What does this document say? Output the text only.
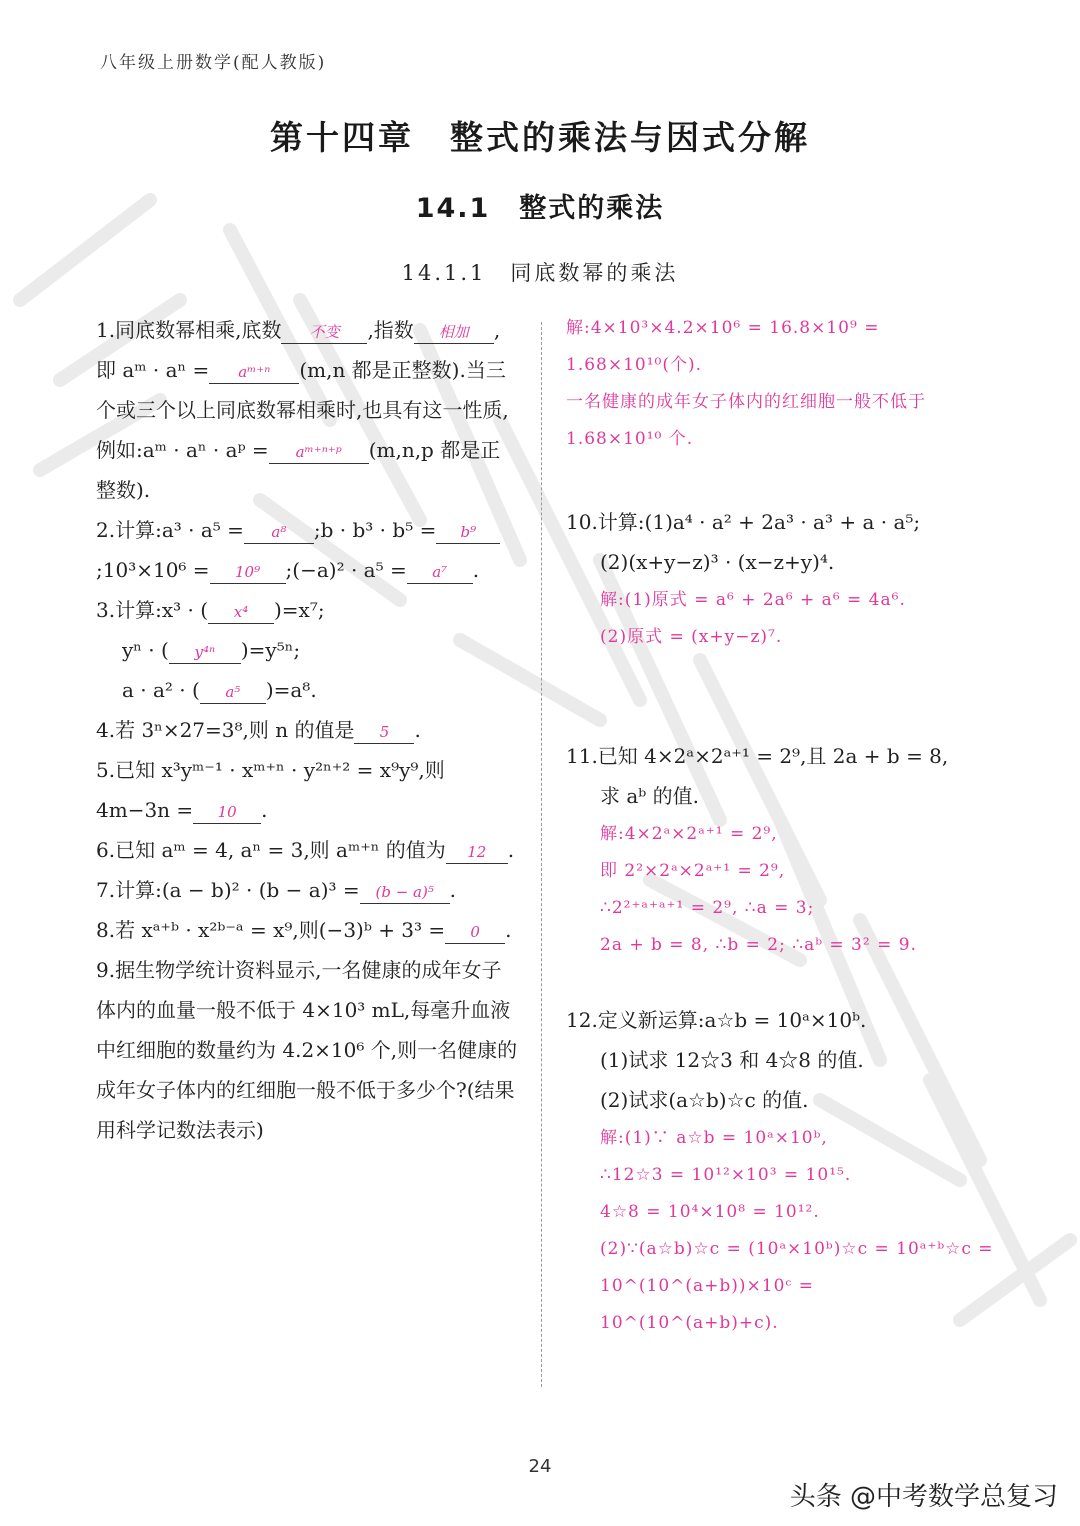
八年级上册数学(配人教版)
第十四章　整式的乘法与因式分解
14.1　整式的乘法
14.1.1　同底数幂的乘法

1.同底数幂相乘,底数 不变 ,指数 相加 ,即 aᵐ · aⁿ = aᵐ⁺ⁿ (m,n 都是正整数).当三个或三个以上同底数幂相乘时,也具有这一性质,例如:aᵐ · aⁿ · aᵖ = aᵐ⁺ⁿ⁺ᵖ (m,n,p 都是正整数).

2.计算:a³ · a⁵ = a⁸ ;b · b³ · b⁵ = b⁹;10³×10⁶ = 10⁹ ;(−a)² · a⁵ = a⁷ .

3.计算:x³ · ( x⁴ )=x⁷;

yⁿ · ( y⁴ⁿ )=y⁵ⁿ;

a · a² · ( a⁵ )=a⁸.

4.若 3ⁿ×27=3⁸,则 n 的值是 5 .

5.已知 x³yᵐ⁻¹ · xᵐ⁺ⁿ · y²ⁿ⁺² = x⁹y⁹,则 4m−3n = 10 .

6.已知 aᵐ = 4, aⁿ = 3,则 aᵐ⁺ⁿ 的值为 12 .

7.计算:(a − b)² · (b − a)³ = (b − a)⁵ .

8.若 xᵃ⁺ᵇ · x²ᵇ⁻ᵃ = x⁹,则(−3)ᵇ + 3³ = 0 .

9.据生物学统计资料显示,一名健康的成年女子体内的血量一般不低于 4×10³ mL,每毫升血液中红细胞的数量约为 4.2×10⁶ 个,则一名健康的成年女子体内的红细胞一般不低于多少个?(结果用科学记数法表示)

解:4×10³×4.2×10⁶ = 16.8×10⁹ = 1.68×10¹⁰(个).

一名健康的成年女子体内的红细胞一般不低于 1.68×10¹⁰ 个.

10.计算:(1)a⁴ · a² + 2a³ · a³ + a · a⁵;

(2)(x+y−z)³ · (x−z+y)⁴.

解:(1)原式 = a⁶ + 2a⁶ + a⁶ = 4a⁶.

(2)原式 = (x+y−z)⁷.

11.已知 4×2ᵃ×2ᵃ⁺¹ = 2⁹,且 2a + b = 8,

求 aᵇ 的值.

解:4×2ᵃ×2ᵃ⁺¹ = 2⁹,

即 2²×2ᵃ×2ᵃ⁺¹ = 2⁹,

∴2²⁺ᵃ⁺ᵃ⁺¹ = 2⁹, ∴a = 3;

2a + b = 8, ∴b = 2; ∴aᵇ = 3² = 9.

12.定义新运算:a☆b = 10ᵃ×10ᵇ.

(1)试求 12☆3 和 4☆8 的值.

(2)试求(a☆b)☆c 的值.

解:(1)∵ a☆b = 10ᵃ×10ᵇ,

∴12☆3 = 10¹²×10³ = 10¹⁵.

4☆8 = 10⁴×10⁸ = 10¹².

(2)∵(a☆b)☆c = (10ᵃ×10ᵇ)☆c = 10ᵃ⁺ᵇ☆c = 10^(10^(a+b))×10ᶜ = 10^(10^(a+b)+c).

24
头条 @中考数学总复习
